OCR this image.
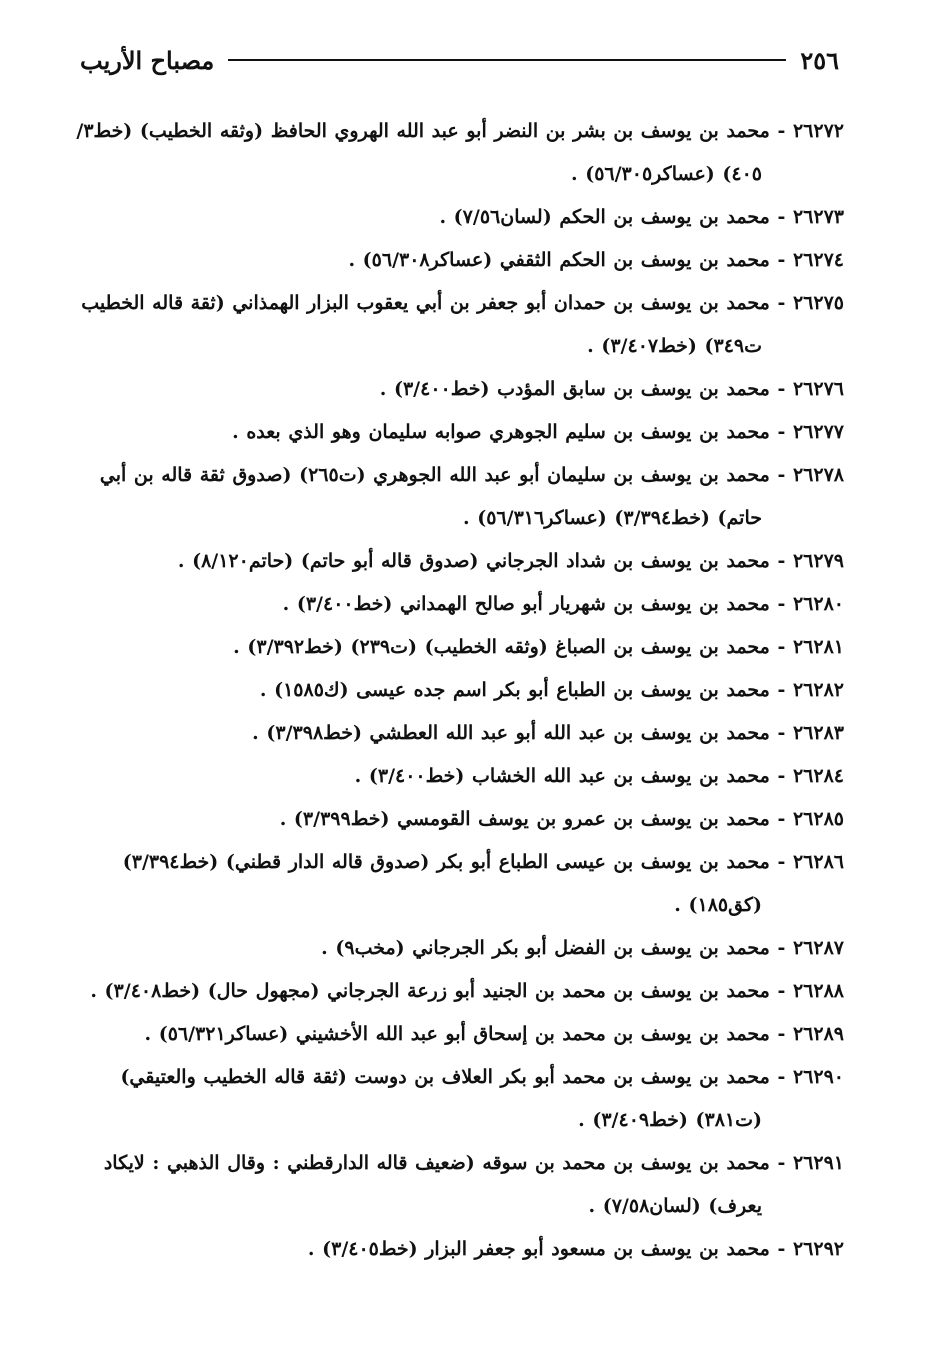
٢٥٦
مصباح الأريب
٢٦٢٧٢ - محمد بن يوسف بن بشر بن النضر أبو عبد الله الهروي الحافظ (وثقه الخطيب) (خط٣/ ٤٠٥) (عساكر٥٦/٣٠٥) .
٢٦٢٧٣ - محمد بن يوسف بن الحكم (لسان٧/٥٦) .
٢٦٢٧٤ - محمد بن يوسف بن الحكم الثقفي (عساكر٥٦/٣٠٨) .
٢٦٢٧٥ - محمد بن يوسف بن حمدان أبو جعفر بن أبي يعقوب البزار الهمذاني (ثقة قاله الخطيب ت٣٤٩) (خط٣/٤٠٧) .
٢٦٢٧٦ - محمد بن يوسف بن سابق المؤدب (خط٣/٤٠٠) .
٢٦٢٧٧ - محمد بن يوسف بن سليم الجوهري صوابه سليمان وهو الذي بعده .
٢٦٢٧٨ - محمد بن يوسف بن سليمان أبو عبد الله الجوهري (ت٢٦٥) (صدوق ثقة قاله بن أبي حاتم) (خط٣/٣٩٤) (عساكر٥٦/٣١٦) .
٢٦٢٧٩ - محمد بن يوسف بن شداد الجرجاني (صدوق قاله أبو حاتم) (حاتم٨/١٢٠) .
٢٦٢٨٠ - محمد بن يوسف بن شهريار أبو صالح الهمداني (خط٣/٤٠٠) .
٢٦٢٨١ - محمد بن يوسف بن الصباغ (وثقه الخطيب) (ت٢٣٩) (خط٣/٣٩٢) .
٢٦٢٨٢ - محمد بن يوسف بن الطباع أبو بكر اسم جده عيسى (ك١٥٨٥) .
٢٦٢٨٣ - محمد بن يوسف بن عبد الله أبو عبد الله العطشي (خط٣/٣٩٨) .
٢٦٢٨٤ - محمد بن يوسف بن عبد الله الخشاب (خط٣/٤٠٠) .
٢٦٢٨٥ - محمد بن يوسف بن عمرو بن يوسف القومسي (خط٣/٣٩٩) .
٢٦٢٨٦ - محمد بن يوسف بن عيسى الطباع أبو بكر (صدوق قاله الدار قطني) (خط٣/٣٩٤) (كق١٨٥) .
٢٦٢٨٧ - محمد بن يوسف بن الفضل أبو بكر الجرجاني (مخب٩) .
٢٦٢٨٨ - محمد بن يوسف بن محمد بن الجنيد أبو زرعة الجرجاني (مجهول حال) (خط٣/٤٠٨) .
٢٦٢٨٩ - محمد بن يوسف بن محمد بن إسحاق أبو عبد الله الأخشيني (عساكر٥٦/٣٢١) .
٢٦٢٩٠ - محمد بن يوسف بن محمد أبو بكر العلاف بن دوست (ثقة قاله الخطيب والعتيقي) (ت٣٨١) (خط٣/٤٠٩) .
٢٦٢٩١ - محمد بن يوسف بن محمد بن سوقه (ضعيف قاله الدارقطني : وقال الذهبي : لايكاد يعرف) (لسان٧/٥٨) .
٢٦٢٩٢ - محمد بن يوسف بن مسعود أبو جعفر البزار (خط٣/٤٠٥) .
